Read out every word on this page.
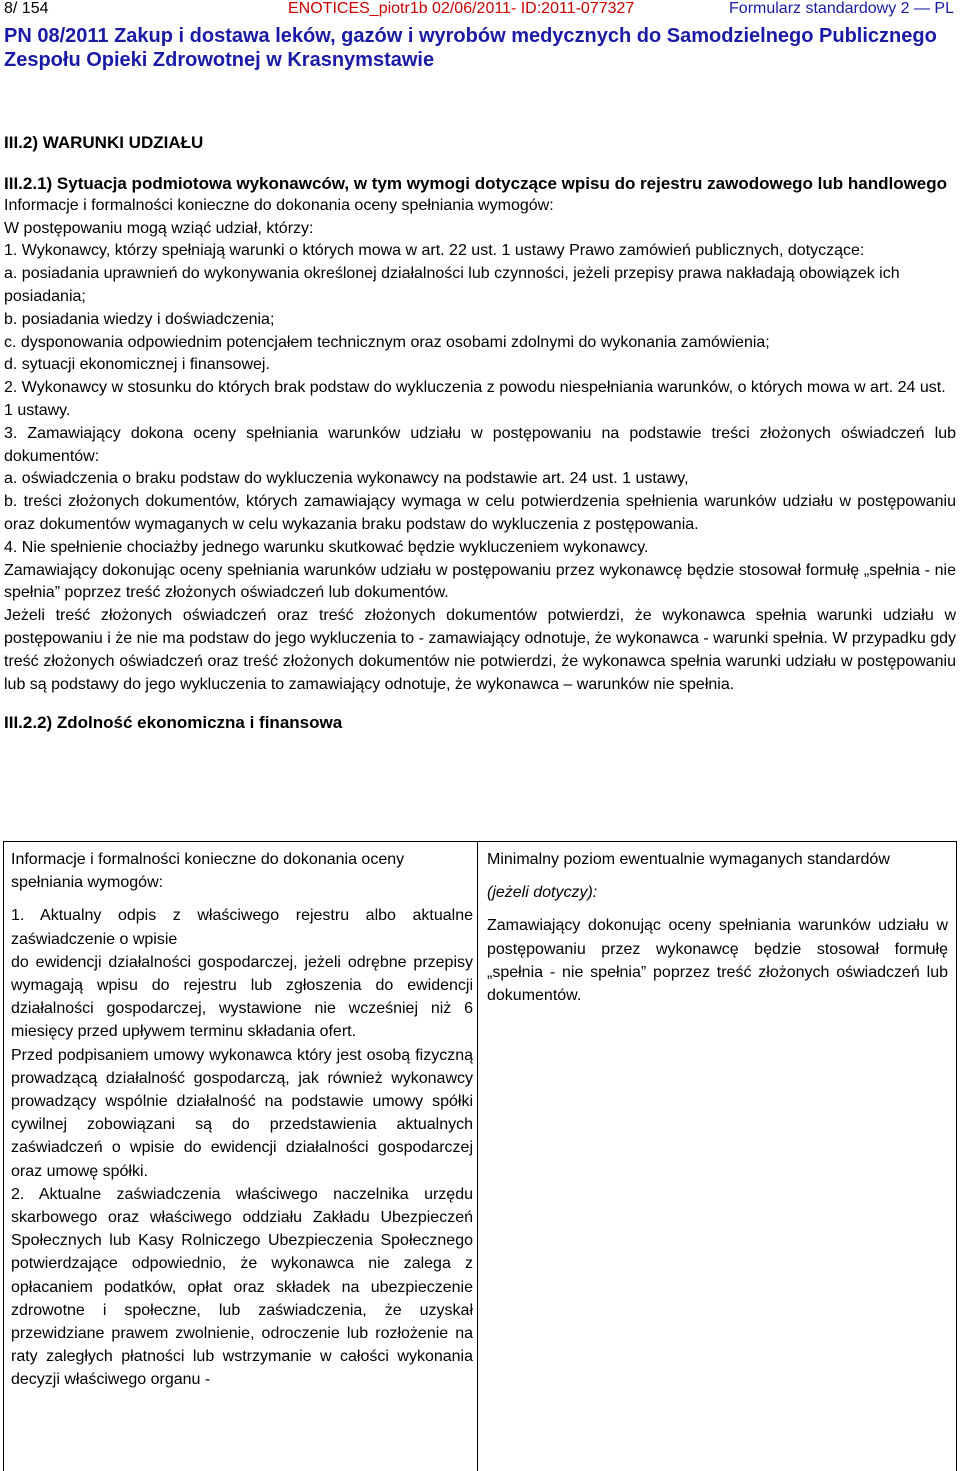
8/ 154	ENOTICES_piotr1b 02/06/2011- ID:2011-077327	Formularz standardowy 2 — PL
PN 08/2011 Zakup i dostawa leków, gazów i wyrobów medycznych do Samodzielnego Publicznego Zespołu Opieki Zdrowotnej w Krasnymstawie

III.2) WARUNKI UDZIAŁU

III.2.1) Sytuacja podmiotowa wykonawców, w tym wymogi dotyczące wpisu do rejestru zawodowego lub handlowego

Informacje i formalności konieczne do dokonania oceny spełniania wymogów:

W postępowaniu mogą wziąć udział, którzy:

1. Wykonawcy, którzy spełniają warunki o których mowa w art. 22 ust. 1 ustawy Prawo zamówień publicznych, dotyczące:

a. posiadania uprawnień do wykonywania określonej działalności lub czynności, jeżeli przepisy prawa nakładają obowiązek ich posiadania;

b. posiadania wiedzy i doświadczenia;

c. dysponowania odpowiednim potencjałem technicznym oraz osobami zdolnymi do wykonania zamówienia;

d. sytuacji ekonomicznej i finansowej.

2. Wykonawcy w stosunku do których brak podstaw do wykluczenia z powodu niespełniania warunków, o których mowa w art. 24 ust. 1 ustawy.

3. Zamawiający dokona oceny spełniania warunków udziału w postępowaniu na podstawie treści złożonych oświadczeń lub dokumentów:

a. oświadczenia o braku podstaw do wykluczenia wykonawcy na podstawie art. 24 ust. 1 ustawy,

b. treści złożonych dokumentów, których zamawiający wymaga w celu potwierdzenia spełnienia warunków udziału w postępowaniu oraz dokumentów wymaganych w celu wykazania braku podstaw do wykluczenia z postępowania.

4. Nie spełnienie chociażby jednego warunku skutkować będzie wykluczeniem wykonawcy.

Zamawiający dokonując oceny spełniania warunków udziału w postępowaniu przez wykonawcę będzie stosował formułę „spełnia - nie spełnia” poprzez treść złożonych oświadczeń lub dokumentów.

Jeżeli treść złożonych oświadczeń oraz treść złożonych dokumentów potwierdzi, że wykonawca spełnia warunki udziału w postępowaniu i że nie ma podstaw do jego wykluczenia to - zamawiający odnotuje, że wykonawca - warunki spełnia. W przypadku gdy treść złożonych oświadczeń oraz treść złożonych dokumentów nie potwierdzi, że wykonawca spełnia warunki udziału w postępowaniu lub są podstawy do jego wykluczenia to zamawiający odnotuje, że wykonawca – warunków nie spełnia.

III.2.2) Zdolność ekonomiczna i finansowa

Informacje i formalności konieczne do dokonania oceny spełniania wymogów:

1. Aktualny odpis z właściwego rejestru albo aktualne zaświadczenie o wpisie

do ewidencji działalności gospodarczej, jeżeli odrębne przepisy wymagają wpisu do rejestru lub zgłoszenia do ewidencji działalności gospodarczej, wystawione nie wcześniej niż 6 miesięcy przed upływem terminu składania ofert.

Przed podpisaniem umowy wykonawca który jest osobą fizyczną prowadzącą działalność gospodarczą, jak również wykonawcy prowadzący wspólnie działalność na podstawie umowy spółki cywilnej zobowiązani są do przedstawienia aktualnych zaświadczeń o wpisie do ewidencji działalności gospodarczej oraz umowę spółki.

2. Aktualne zaświadczenia właściwego naczelnika urzędu skarbowego oraz właściwego oddziału Zakładu Ubezpieczeń Społecznych lub Kasy Rolniczego Ubezpieczenia Społecznego potwierdzające odpowiednio, że wykonawca nie zalega z opłacaniem podatków, opłat oraz składek na ubezpieczenie zdrowotne i społeczne, lub zaświadczenia, że uzyskał przewidziane prawem zwolnienie, odroczenie lub rozłożenie na raty zaległych płatności lub wstrzymanie w całości wykonania decyzji właściwego organu -

Minimalny poziom ewentualnie wymaganych standardów

(jeżeli dotyczy):

Zamawiający dokonując oceny spełniania warunków udziału w postępowaniu przez wykonawcę będzie stosował formułę „spełnia - nie spełnia” poprzez treść złożonych oświadczeń lub dokumentów.
